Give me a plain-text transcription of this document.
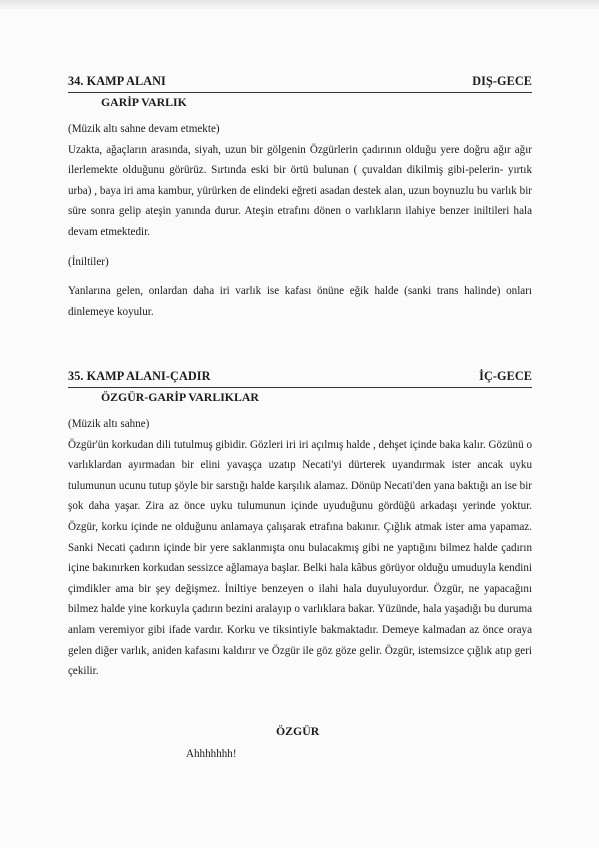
34. KAMP ALANI	DIŞ-GECE
GARİP VARLIK

(Müzik altı sahne devam etmekte)

Uzakta, ağaçların arasında, siyah, uzun bir gölgenin Özgürlerin çadırının olduğu yere doğru ağır ağır ilerlemekte olduğunu görürüz. Sırtında eski bir örtü bulunan ( çuvaldan dikilmiş gibi-pelerin- yırtık urba) , baya iri ama kambur, yürürken de elindeki eğreti asadan destek alan, uzun boynuzlu bu varlık bir süre sonra gelip ateşin yanında durur. Ateşin etrafını dönen o varlıkların ilahiye benzer inilti​leri hala devam etmektedir.

(İniltiler)

Yanlarına gelen, onlardan daha iri varlık ise kafası önüne eğik halde (sanki trans halinde) onları dinlemeye koyulur.

35. KAMP ALANI-ÇADIR	İÇ-GECE
ÖZGÜR-GARİP VARLIKLAR

(Müzik altı sahne)

Özgür'ün korkudan dili tutulmuş gibidir. Gözleri iri iri açılmış halde , dehşet içinde baka kalır. Gözünü o varlıklardan ayırmadan bir elini yavaşça uzatıp Necati'yi dürterek uyandırmak ister ancak uyku tulumunun ucunu tutup şöyle bir sarstığı halde karşılık alamaz. Dönüp Necati'den yana baktığı an ise bir şok daha yaşar. Zira az önce uyku tulumunun içinde uyuduğunu gördüğü arkadaşı yerinde yoktur. Özgür, korku içinde ne olduğunu anlamaya çalışarak etrafına bakınır. Çığlık atmak ister ama yapamaz. Sanki Necati çadırın içinde bir yere saklanmışta onu bulacakmış gibi ne yaptığını bilmez halde çadırın içine bakınırken korkudan sessizce ağlamaya başlar. Belki hala kâbus görüyor olduğu umuduyla kendini çimdikler ama bir şey değişmez. İniltiye benzeyen o ilahi hala duyuluyordur. Özgür, ne yapacağını bilmez halde yine korkuyla çadırın bezini aralayıp o varlıklara bakar. Yüzünde, hala yaşadığı bu duruma anlam veremiyor gibi ifade vardır. Korku ve tiksintiyle bakmaktadır. Demeye kalmadan az önce oraya gelen diğer varlık, aniden kafasını kaldırır ve Özgür ile göz göze gelir. Özgür, istemsizce çığlık atıp geri çekilir.

ÖZGÜR
Ahhhhhhh!
